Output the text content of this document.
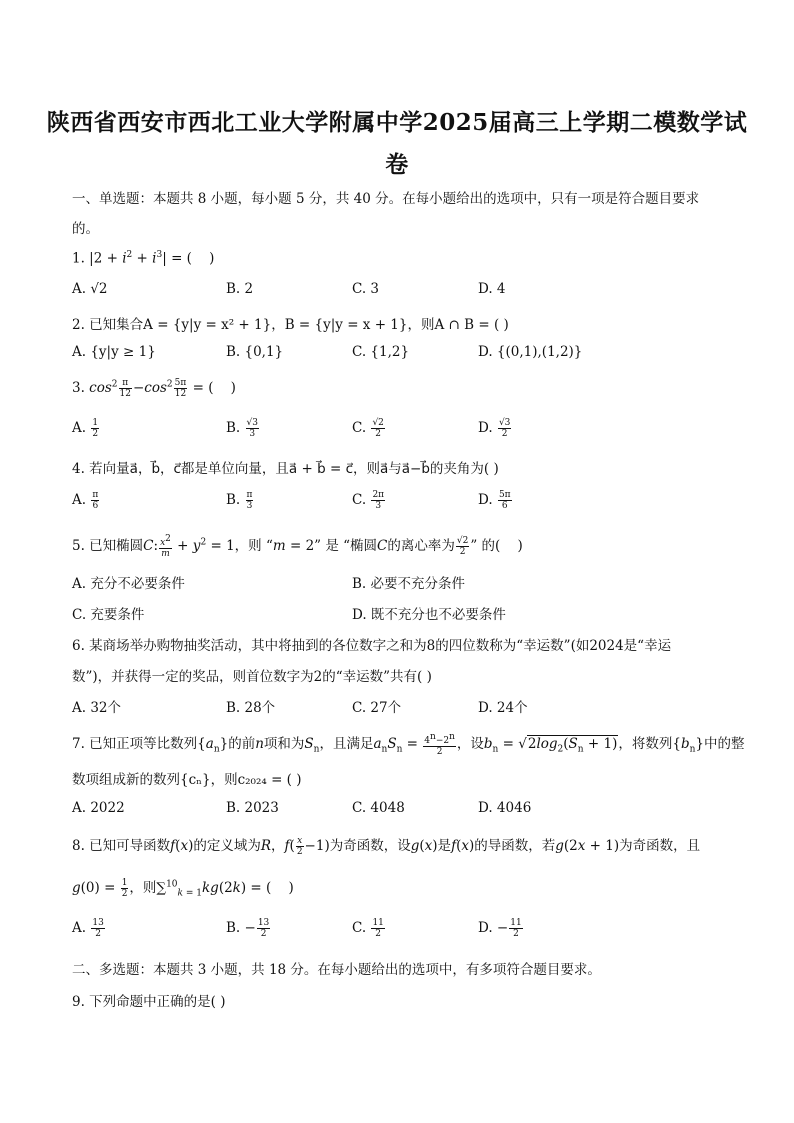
陕西省西安市西北工业大学附属中学2025届高三上学期二模数学试
卷
一、单选题：本题共 8 小题，每小题 5 分，共 40 分。在每小题给出的选项中，只有一项是符合题目要求
的。
1. $|2 + i^2 + i^3|$ = (    )
A. √2	B. 2	C. 3	D. 4
2. 已知集合A = {y|y = x² + 1}，B = {y|y = x + 1}，则A ∩ B = ( )
A. {y|y ≥ 1}	B. {0,1}	C. {1,2}	D. {(0,1),(1,2)}
3. $\cos^2 \frac{\pi}{12} -\cos^2 \frac{5\pi}{12}$ = (    )
A. $\frac{1}{2}$	B. $\frac{√3}{3}$	C. $\frac{√2}{2}$	D. $\frac{√3}{2}$
4. 若向量a⃗，b⃗，c⃗都是单位向量，且a⃗ + b⃗ = c⃗，则a⃗与a⃗−b⃗的夹角为( )
A. $\frac{\pi}{6}$	B. $\frac{\pi}{3}$	C. $\frac{2\pi}{3}$	D. $\frac{5\pi}{6}$
5. 已知椭圆C: $\frac{x^2}{m} + y^2 = 1$，则 “m = 2” 是 “椭圆C的离心率为 $\frac{√2}{2}$ ” 的(    )
A. 充分不必要条件	B. 必要不充分条件
C. 充要条件	D. 既不充分也不必要条件
6. 某商场举办购物抽奖活动，其中将抽到的各位数字之和为8的四位数称为“幸运数”(如2024是“幸运
数”)，并获得一定的奖品，则首位数字为2的“幸运数”共有( )
A. 32个	B. 28个	C. 27个	D. 24个
7. 已知正项等比数列$\{a_n\}$的前n项和为$S_n$，且满足$a_nS_n = \frac{4^n-2^n}{2}$ ，设$b_n = √2\log_2(S_n + 1)$，将数列$\{b_n\}$中的整
数项组成新的数列{cₙ}，则c₂₀₂₄ = ( )
A. 2022	B. 2023	C. 4048	D. 4046
8. 已知可导函数f(x)的定义域为R，$f( \frac{x}{2} -1)$为奇函数，设g(x)是f(x)的导函数，若g(2x + 1)为奇函数，且
$g(0) = \frac{1}{2}$ ，则∑$^{10}_{k = 1}$kg(2k) = (    )
A. $\frac{13}{2}$	B. − $\frac{13}{2}$	C. $\frac{11}{2}$	D. − $\frac{11}{2}$
二、多选题：本题共 3 小题，共 18 分。在每小题给出的选项中，有多项符合题目要求。
9. 下列命题中正确的是( )
